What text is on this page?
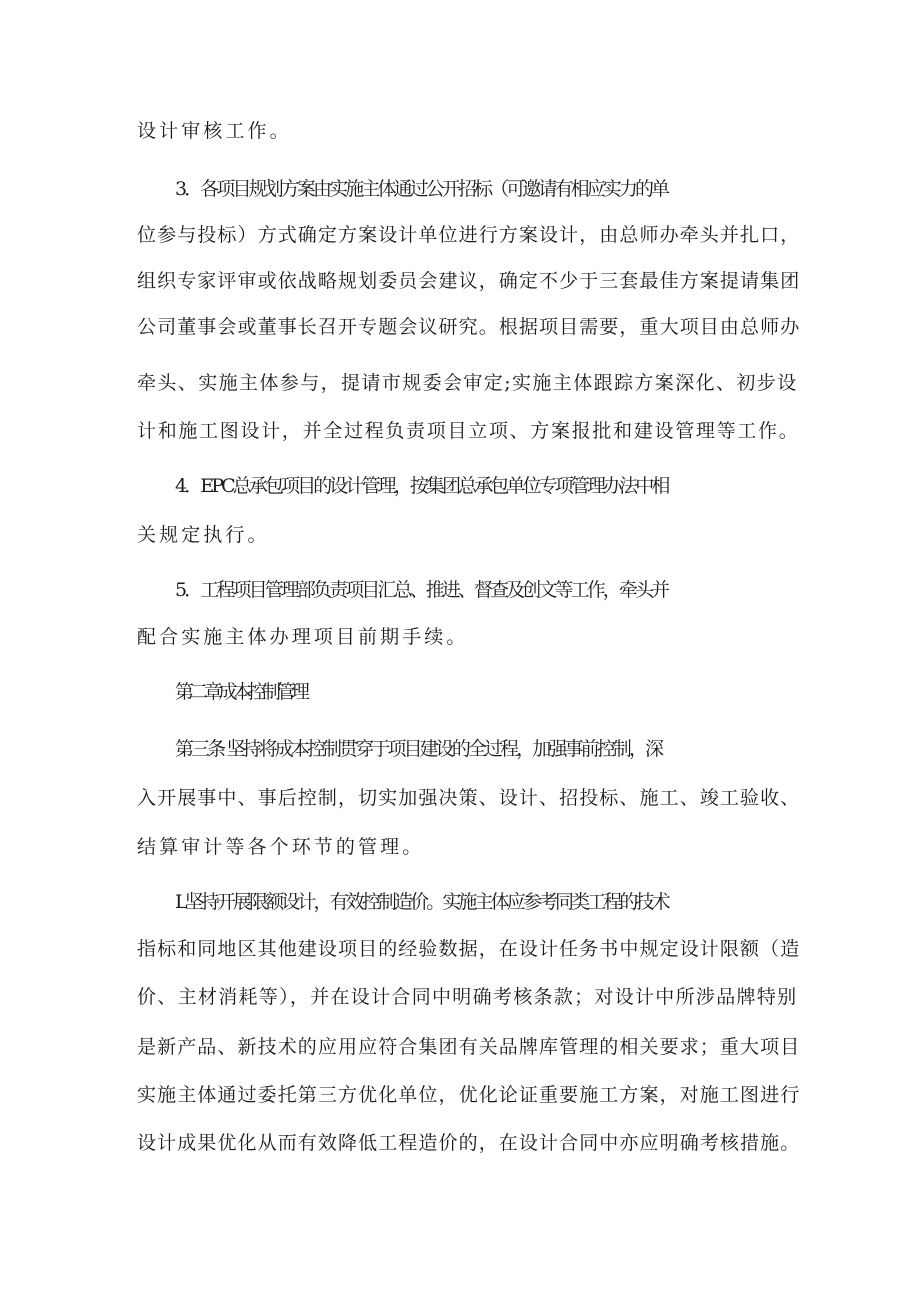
设计审核工作。
3．各项目规划方案由实施主体通过公开招标（可邀请有相应实力的单
位参与投标）方式确定方案设计单位进行方案设计，由总师办牵头并扎口，
组织专家评审或依战略规划委员会建议，确定不少于三套最佳方案提请集团
公司董事会或董事长召开专题会议研究。根据项目需要，重大项目由总师办
牵头、实施主体参与，提请市规委会审定;实施主体跟踪方案深化、初步设
计和施工图设计，并全过程负责项目立项、方案报批和建设管理等工作。
4．EPC总承包项目的设计管理，按集团总承包单位专项管理办法中相
关规定执行。
5．工程项目管理部负责项目汇总、推进、督查及创文等工作，牵头并
配合实施主体办理项目前期手续。
第二章成本控制管理
第三条 坚持将成本控制贯穿于项目建设的全过程，加强事前控制，深
入开展事中、事后控制，切实加强决策、设计、招投标、施工、竣工验收、
结算审计等各个环节的管理。
L坚持开展限额设计，有效控制造价。实施主体应参考同类工程的技术
指标和同地区其他建设项目的经验数据，在设计任务书中规定设计限额（造
价、主材消耗等），并在设计合同中明确考核条款；对设计中所涉品牌特别
是新产品、新技术的应用应符合集团有关品牌库管理的相关要求；重大项目
实施主体通过委托第三方优化单位，优化论证重要施工方案，对施工图进行
设计成果优化从而有效降低工程造价的，在设计合同中亦应明确考核措施。
